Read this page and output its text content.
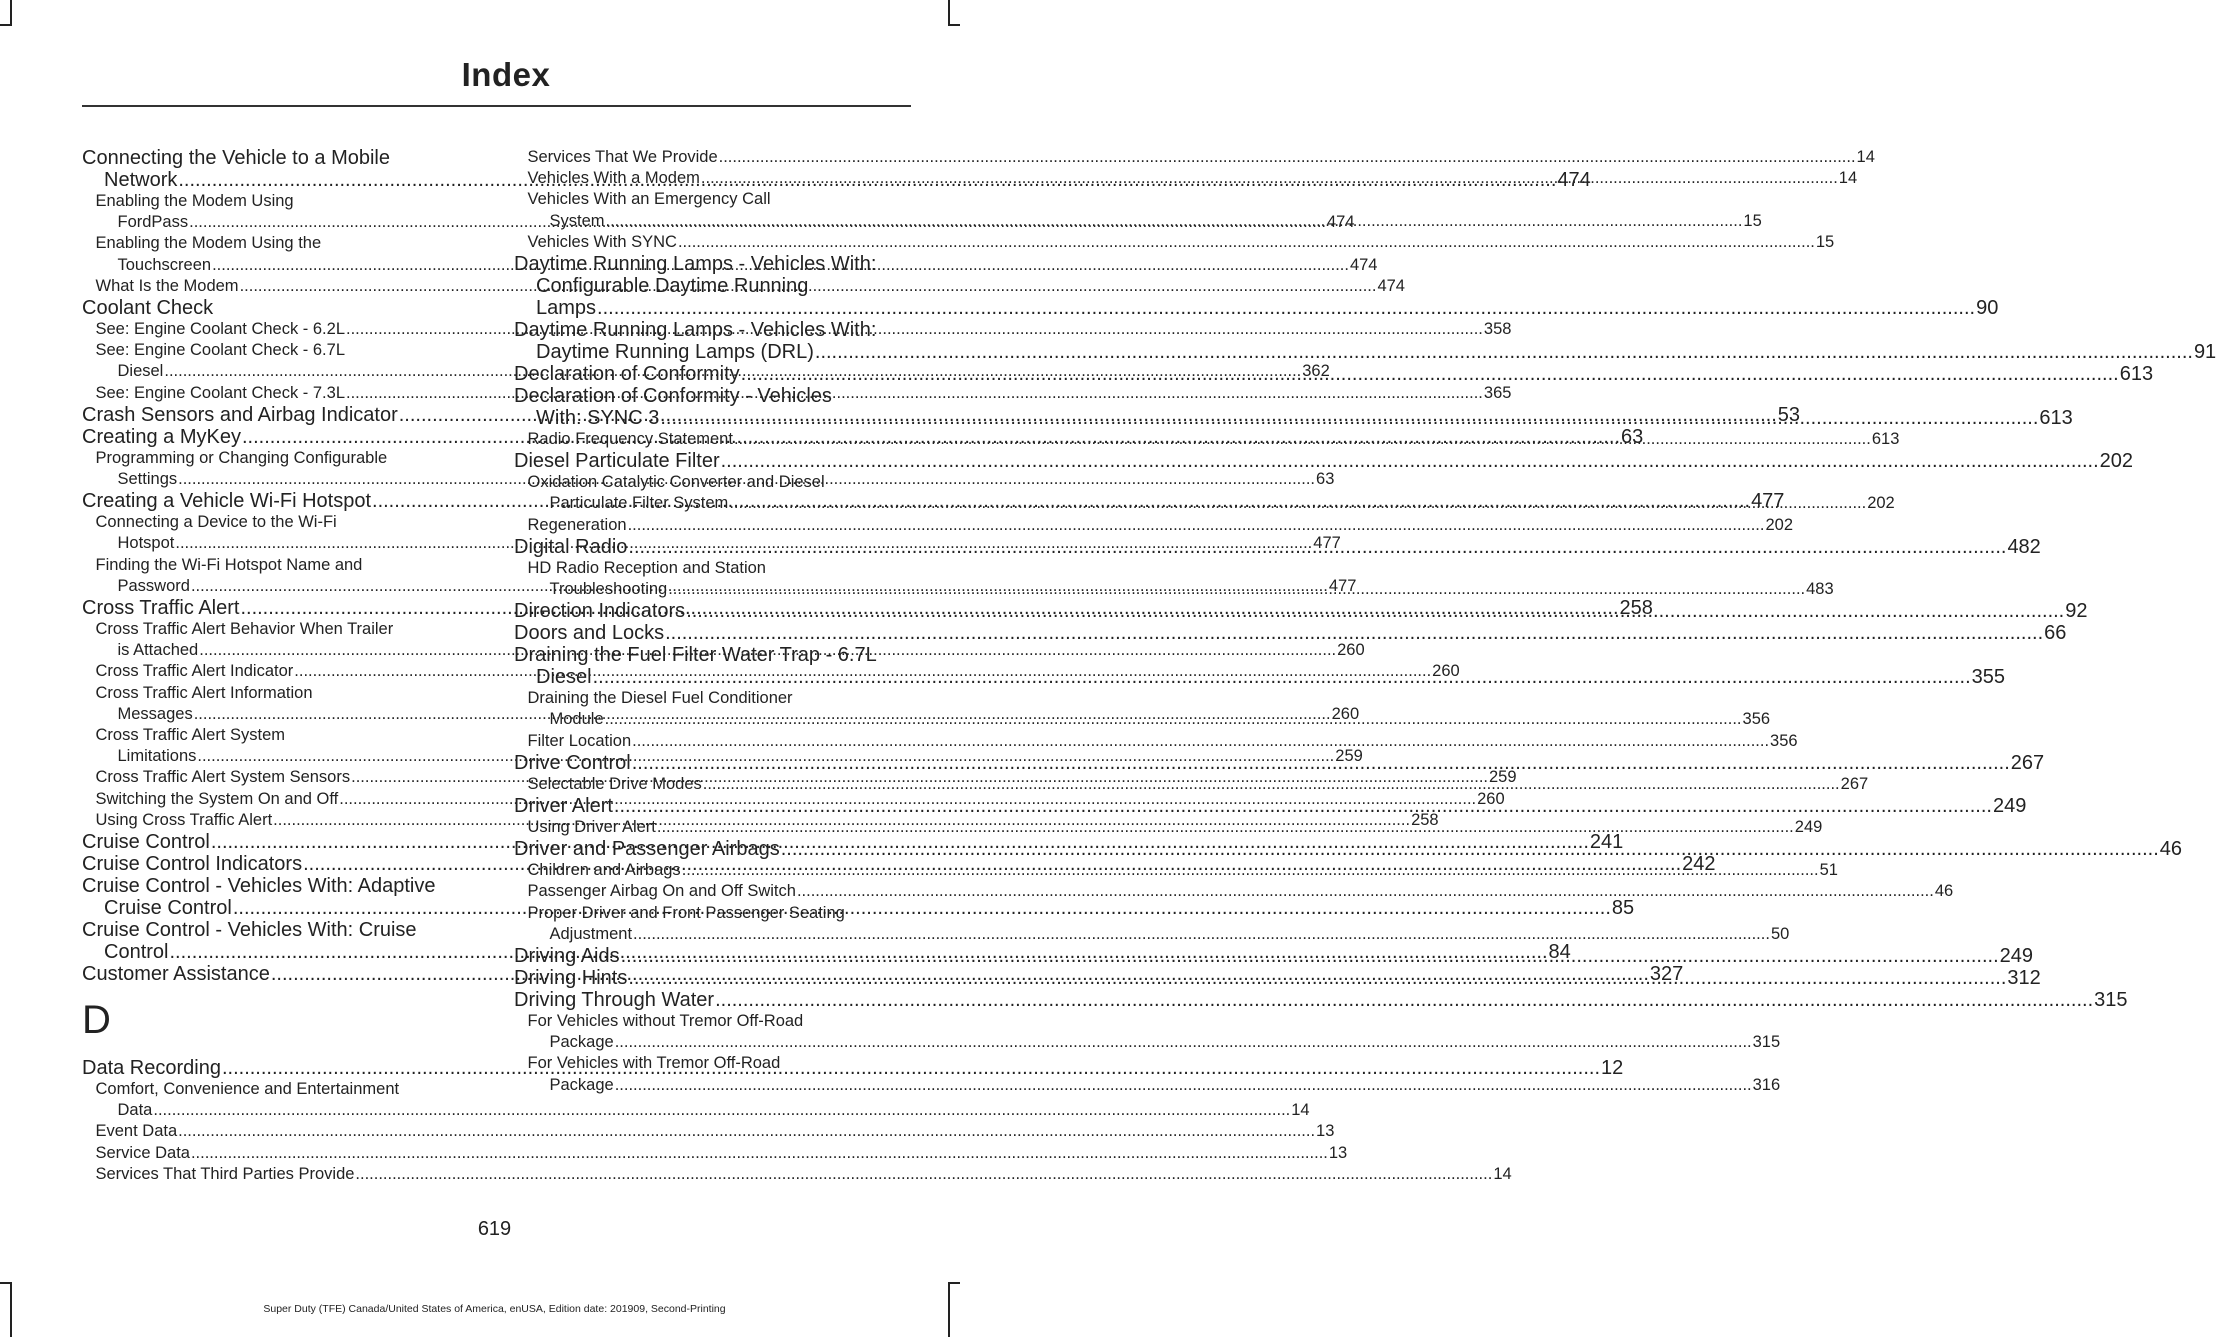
Index
Connecting the Vehicle to a Mobile
Network .....	474
Enabling the Modem Using
FordPass .....	474
Enabling the Modem Using the
Touchscreen .....	474
What Is the Modem .....	474
Coolant Check
See: Engine Coolant Check - 6.2L .....	358
See: Engine Coolant Check - 6.7L
Diesel .....	362
See: Engine Coolant Check - 7.3L .....	365
Crash Sensors and Airbag Indicator .....	53
Creating a MyKey .....	63
Programming or Changing Configurable
Settings .....	63
Creating a Vehicle Wi-Fi Hotspot .....	477
Connecting a Device to the Wi-Fi
Hotspot .....	477
Finding the Wi-Fi Hotspot Name and
Password .....	477
Cross Traffic Alert .....	258
Cross Traffic Alert Behavior When Trailer
is Attached .....	260
Cross Traffic Alert Indicator .....	260
Cross Traffic Alert Information
Messages .....	260
Cross Traffic Alert System
Limitations .....	259
Cross Traffic Alert System Sensors .....	259
Switching the System On and Off .....	260
Using Cross Traffic Alert .....	258
Cruise Control .....	241
Cruise Control Indicators .....	242
Cruise Control - Vehicles With: Adaptive
Cruise Control .....	85
Cruise Control - Vehicles With: Cruise
Control .....	84
Customer Assistance .....	327
D
Data Recording .....	12
Comfort, Convenience and Entertainment
Data .....	14
Event Data .....	13
Service Data .....	13
Services That Third Parties Provide .....	14
Services That We Provide .....	14
Vehicles With a Modem .....	14
Vehicles With an Emergency Call
System .....	15
Vehicles With SYNC .....	15
Daytime Running Lamps - Vehicles With:
Configurable Daytime Running
Lamps .....	90
Daytime Running Lamps - Vehicles With:
Daytime Running Lamps (DRL) .....	91
Declaration of Conformity .....	613
Declaration of Conformity - Vehicles
With: SYNC 3 .....	613
Radio Frequency Statement .....	613
Diesel Particulate Filter .....	202
Oxidation Catalytic Converter and Diesel
Particulate Filter System .....	202
Regeneration .....	202
Digital Radio .....	482
HD Radio Reception and Station
Troubleshooting .....	483
Direction Indicators .....	92
Doors and Locks .....	66
Draining the Fuel Filter Water Trap - 6.7L
Diesel .....	355
Draining the Diesel Fuel Conditioner
Module .....	356
Filter Location .....	356
Drive Control .....	267
Selectable Drive Modes .....	267
Driver Alert .....	249
Using Driver Alert .....	249
Driver and Passenger Airbags .....	46
Children and Airbags .....	51
Passenger Airbag On and Off Switch .....	46
Proper Driver and Front Passenger Seating
Adjustment .....	50
Driving Aids .....	249
Driving Hints .....	312
Driving Through Water .....	315
For Vehicles without Tremor Off-Road
Package .....	315
For Vehicles with Tremor Off-Road
Package .....	316
619
Super Duty (TFE) Canada/United States of America, enUSA, Edition date: 201909, Second-Printing
